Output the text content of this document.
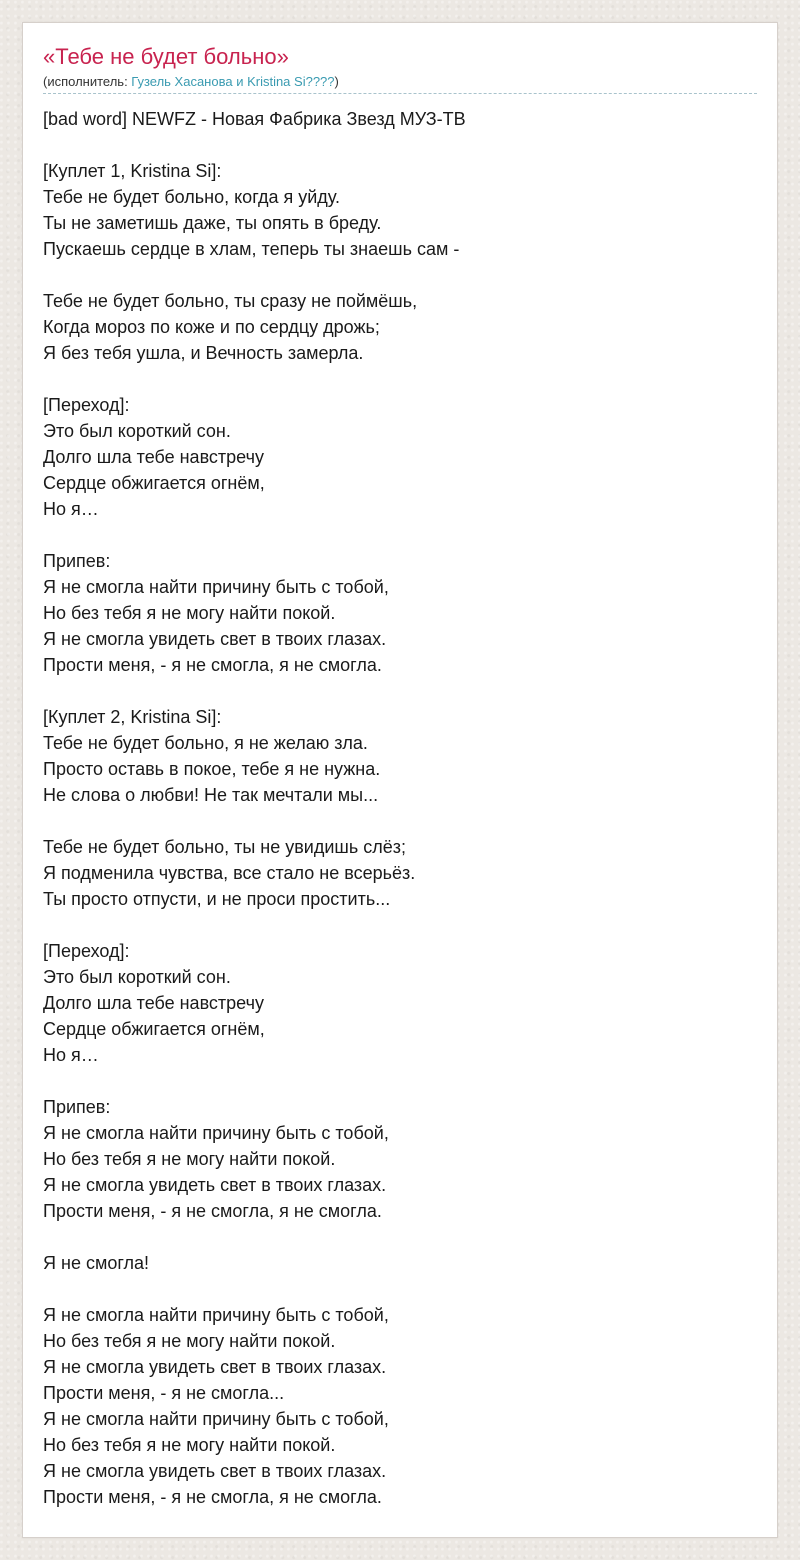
«Тебе не будет больно»
(исполнитель: Гузель Хасанова и Kristina Si????)
[bad word] NEWFZ - Новая Фабрика Звезд МУЗ-ТВ
[Куплет 1, Kristina Si]:
Тебе не будет больно, когда я уйду.
Ты не заметишь даже, ты опять в бреду.
Пускаешь сердце в хлам, теперь ты знаешь сам -
Тебе не будет больно, ты сразу не поймёшь,
Когда мороз по коже и по сердцу дрожь;
Я без тебя ушла, и Вечность замерла.
[Переход]:
Это был короткий сон.
Долго шла тебе навстречу
Сердце обжигается огнём,
Но я…
Припев:
Я не смогла найти причину быть с тобой,
Но без тебя я не могу найти покой.
Я не смогла увидеть свет в твоих глазах.
Прости меня, - я не смогла, я не смогла.
[Куплет 2, Kristina Si]:
Тебе не будет больно, я не желаю зла.
Просто оставь в покое, тебе я не нужна.
Не слова о любви! Не так мечтали мы...
Тебе не будет больно, ты не увидишь слёз;
Я подменила чувства, все стало не всерьёз.
Ты просто отпусти, и не проси простить...
[Переход]:
Это был короткий сон.
Долго шла тебе навстречу
Сердце обжигается огнём,
Но я…
Припев:
Я не смогла найти причину быть с тобой,
Но без тебя я не могу найти покой.
Я не смогла увидеть свет в твоих глазах.
Прости меня, - я не смогла, я не смогла.
Я не смогла!
Я не смогла найти причину быть с тобой,
Но без тебя я не могу найти покой.
Я не смогла увидеть свет в твоих глазах.
Прости меня, - я не смогла...
Я не смогла найти причину быть с тобой,
Но без тебя я не могу найти покой.
Я не смогла увидеть свет в твоих глазах.
Прости меня, - я не смогла, я не смогла.
